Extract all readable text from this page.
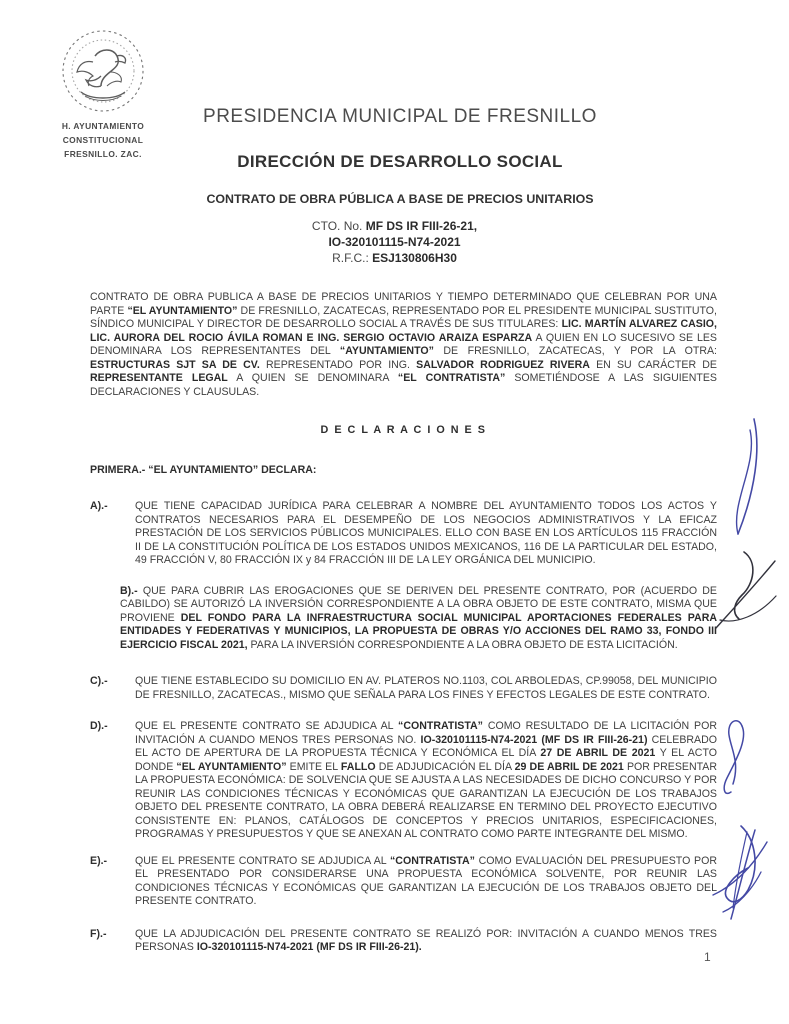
H. AYUNTAMIENTO
CONSTITUCIONAL
FRESNILLO. ZAC.
PRESIDENCIA MUNICIPAL DE FRESNILLO
DIRECCIÓN DE DESARROLLO SOCIAL
CONTRATO DE OBRA PÚBLICA A BASE DE PRECIOS UNITARIOS
CTO. No. MF DS IR FIII-26-21,
IO-320101115-N74-2021
R.F.C.: ESJ130806H30
CONTRATO DE OBRA PUBLICA A BASE DE PRECIOS UNITARIOS Y TIEMPO DETERMINADO QUE CELEBRAN POR UNA PARTE “EL AYUNTAMIENTO” DE FRESNILLO, ZACATECAS, REPRESENTADO POR EL PRESIDENTE MUNICIPAL SUSTITUTO, SÍNDICO MUNICIPAL Y DIRECTOR DE DESARROLLO SOCIAL A TRAVÉS DE SUS TITULARES: LIC. MARTÍN ALVAREZ CASIO, LIC. AURORA DEL ROCIO ÁVILA ROMAN E ING. SERGIO OCTAVIO ARAIZA ESPARZA A QUIEN EN LO SUCESIVO SE LES DENOMINARA LOS REPRESENTANTES DEL “AYUNTAMIENTO” DE FRESNILLO, ZACATECAS, Y POR LA OTRA: ESTRUCTURAS SJT SA DE CV. REPRESENTADO POR ING. SALVADOR RODRIGUEZ RIVERA EN SU CARÁCTER DE REPRESENTANTE LEGAL A QUIEN SE DENOMINARA “EL CONTRATISTA” SOMETIÉNDOSE A LAS SIGUIENTES DECLARACIONES Y CLAUSULAS.
D E C L A R A C I O N E S
PRIMERA.- “EL AYUNTAMIENTO” DECLARA:
A).-	QUE TIENE CAPACIDAD JURÍDICA PARA CELEBRAR A NOMBRE DEL AYUNTAMIENTO TODOS LOS ACTOS Y CONTRATOS NECESARIOS PARA EL DESEMPEÑO DE LOS NEGOCIOS ADMINISTRATIVOS Y LA EFICAZ PRESTACIÓN DE LOS SERVICIOS PÚBLICOS MUNICIPALES. ELLO CON BASE EN LOS ARTÍCULOS 115 FRACCIÓN II DE LA CONSTITUCIÓN POLÍTICA DE LOS ESTADOS UNIDOS MEXICANOS, 116 DE LA PARTICULAR DEL ESTADO, 49 FRACCIÓN V, 80 FRACCIÓN IX y 84 FRACCIÓN III DE LA LEY ORGÁNICA DEL MUNICIPIO.
B).- QUE PARA CUBRIR LAS EROGACIONES QUE SE DERIVEN DEL PRESENTE CONTRATO, POR (ACUERDO DE CABILDO) SE AUTORIZÓ LA INVERSIÓN CORRESPONDIENTE A LA OBRA OBJETO DE ESTE CONTRATO, MISMA QUE PROVIENE DEL FONDO PARA LA INFRAESTRUCTURA SOCIAL MUNICIPAL APORTACIONES FEDERALES PARA ENTIDADES Y FEDERATIVAS Y MUNICIPIOS, LA PROPUESTA DE OBRAS Y/O ACCIONES DEL RAMO 33, FONDO III EJERCICIO FISCAL 2021, PARA LA INVERSIÓN CORRESPONDIENTE A LA OBRA OBJETO DE ESTA LICITACIÓN.
C).-	QUE TIENE ESTABLECIDO SU DOMICILIO EN AV. PLATEROS NO.1103, COL ARBOLEDAS, CP.99058, DEL MUNICIPIO DE FRESNILLO, ZACATECAS., MISMO QUE SEÑALA PARA LOS FINES Y EFECTOS LEGALES DE ESTE CONTRATO.
D).-	QUE EL PRESENTE CONTRATO SE ADJUDICA AL “CONTRATISTA” COMO RESULTADO DE LA LICITACIÓN POR INVITACIÓN A CUANDO MENOS TRES PERSONAS NO. IO-320101115-N74-2021 (MF DS IR FIII-26-21) CELEBRADO EL ACTO DE APERTURA DE LA PROPUESTA TÉCNICA Y ECONÓMICA EL DÍA 27 DE ABRIL DE 2021 Y EL ACTO DONDE “EL AYUNTAMIENTO” EMITE EL FALLO DE ADJUDICACIÓN EL DÍA 29 DE ABRIL DE 2021 POR PRESENTAR LA PROPUESTA ECONÓMICA: DE SOLVENCIA QUE SE AJUSTA A LAS NECESIDADES DE DICHO CONCURSO Y POR REUNIR LAS CONDICIONES TÉCNICAS Y ECONÓMICAS QUE GARANTIZAN LA EJECUCIÓN DE LOS TRABAJOS OBJETO DEL PRESENTE CONTRATO, LA OBRA DEBERÁ REALIZARSE EN TERMINO DEL PROYECTO EJECUTIVO CONSISTENTE EN: PLANOS, CATÁLOGOS DE CONCEPTOS Y PRECIOS UNITARIOS, ESPECIFICACIONES, PROGRAMAS Y PRESUPUESTOS Y QUE SE ANEXAN AL CONTRATO COMO PARTE INTEGRANTE DEL MISMO.
E).-	QUE EL PRESENTE CONTRATO SE ADJUDICA AL “CONTRATISTA” COMO EVALUACIÓN DEL PRESUPUESTO POR EL PRESENTADO POR CONSIDERARSE UNA PROPUESTA ECONÓMICA SOLVENTE, POR REUNIR LAS CONDICIONES TÉCNICAS Y ECONÓMICAS QUE GARANTIZAN LA EJECUCIÓN DE LOS TRABAJOS OBJETO DEL PRESENTE CONTRATO.
F).-	QUE LA ADJUDICACIÓN DEL PRESENTE CONTRATO SE REALIZÓ POR: INVITACIÓN A CUANDO MENOS TRES PERSONAS IO-320101115-N74-2021 (MF DS IR FIII-26-21).
1
